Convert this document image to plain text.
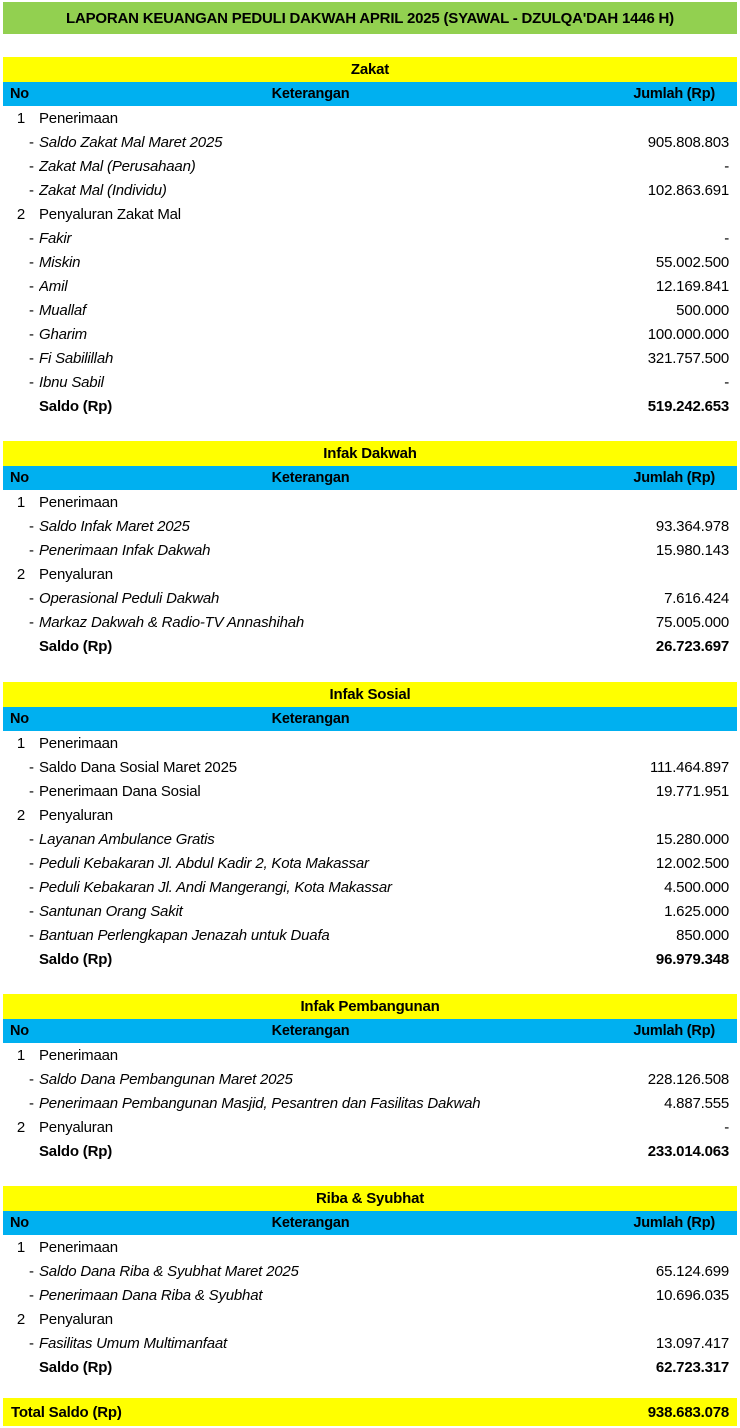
LAPORAN KEUANGAN PEDULI DAKWAH APRIL 2025 (SYAWAL - DZULQA'DAH 1446 H)
Zakat
No	Keterangan	Jumlah (Rp)
1 Penerimaan
- Saldo Zakat Mal Maret 2025	905.808.803
- Zakat Mal (Perusahaan)	-
- Zakat Mal (Individu)	102.863.691
2 Penyaluran Zakat Mal
- Fakir	-
- Miskin	55.002.500
- Amil	12.169.841
- Muallaf	500.000
- Gharim	100.000.000
- Fi Sabilillah	321.757.500
- Ibnu Sabil	-
Saldo (Rp)	519.242.653
Infak Dakwah
No	Keterangan	Jumlah (Rp)
1 Penerimaan
- Saldo Infak Maret 2025	93.364.978
- Penerimaan Infak Dakwah	15.980.143
2 Penyaluran
- Operasional Peduli Dakwah	7.616.424
- Markaz Dakwah & Radio-TV Annashihah	75.005.000
Saldo (Rp)	26.723.697
Infak Sosial
No	Keterangan
1 Penerimaan
- Saldo Dana Sosial Maret 2025	111.464.897
- Penerimaan Dana Sosial	19.771.951
2 Penyaluran
- Layanan Ambulance Gratis	15.280.000
- Peduli Kebakaran Jl. Abdul Kadir 2, Kota Makassar	12.002.500
- Peduli Kebakaran Jl. Andi Mangerangi, Kota Makassar	4.500.000
- Santunan Orang Sakit	1.625.000
- Bantuan Perlengkapan Jenazah untuk Duafa	850.000
Saldo (Rp)	96.979.348
Infak Pembangunan
No	Keterangan	Jumlah (Rp)
1 Penerimaan
- Saldo Dana Pembangunan Maret 2025	228.126.508
- Penerimaan Pembangunan Masjid, Pesantren dan Fasilitas Dakwah	4.887.555
2 Penyaluran	-
Saldo (Rp)	233.014.063
Riba & Syubhat
No	Keterangan	Jumlah (Rp)
1 Penerimaan
- Saldo Dana Riba & Syubhat Maret 2025	65.124.699
- Penerimaan Dana Riba & Syubhat	10.696.035
2 Penyaluran
- Fasilitas Umum Multimanfaat	13.097.417
Saldo (Rp)	62.723.317
Total Saldo (Rp)	938.683.078
